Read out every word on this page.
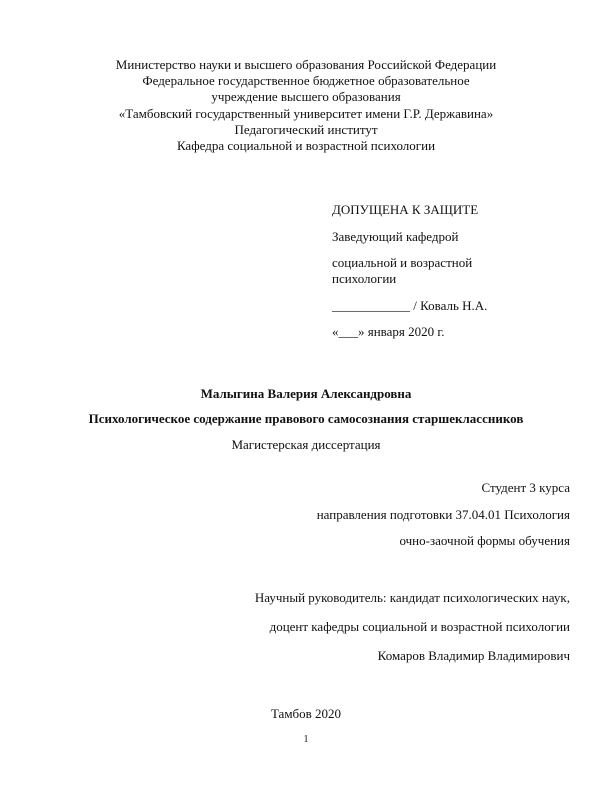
Министерство науки и высшего образования Российской Федерации
Федеральное государственное бюджетное образовательное
учреждение высшего образования
«Тамбовский государственный университет имени Г.Р. Державина»
Педагогический институт
Кафедра социальной и возрастной психологии
ДОПУЩЕНА К ЗАЩИТЕ
Заведующий кафедрой
социальной и возрастной
психологии
____________ / Коваль Н.А.
«___» января 2020 г.
Малыгина Валерия Александровна
Психологическое содержание правового самосознания старшеклассников
Магистерская диссертация
Студент 3 курса
направления подготовки 37.04.01 Психология
очно-заочной формы обучения
Научный руководитель: кандидат психологических наук,
доцент кафедры социальной и возрастной психологии
Комаров Владимир Владимирович
Тамбов 2020
1
